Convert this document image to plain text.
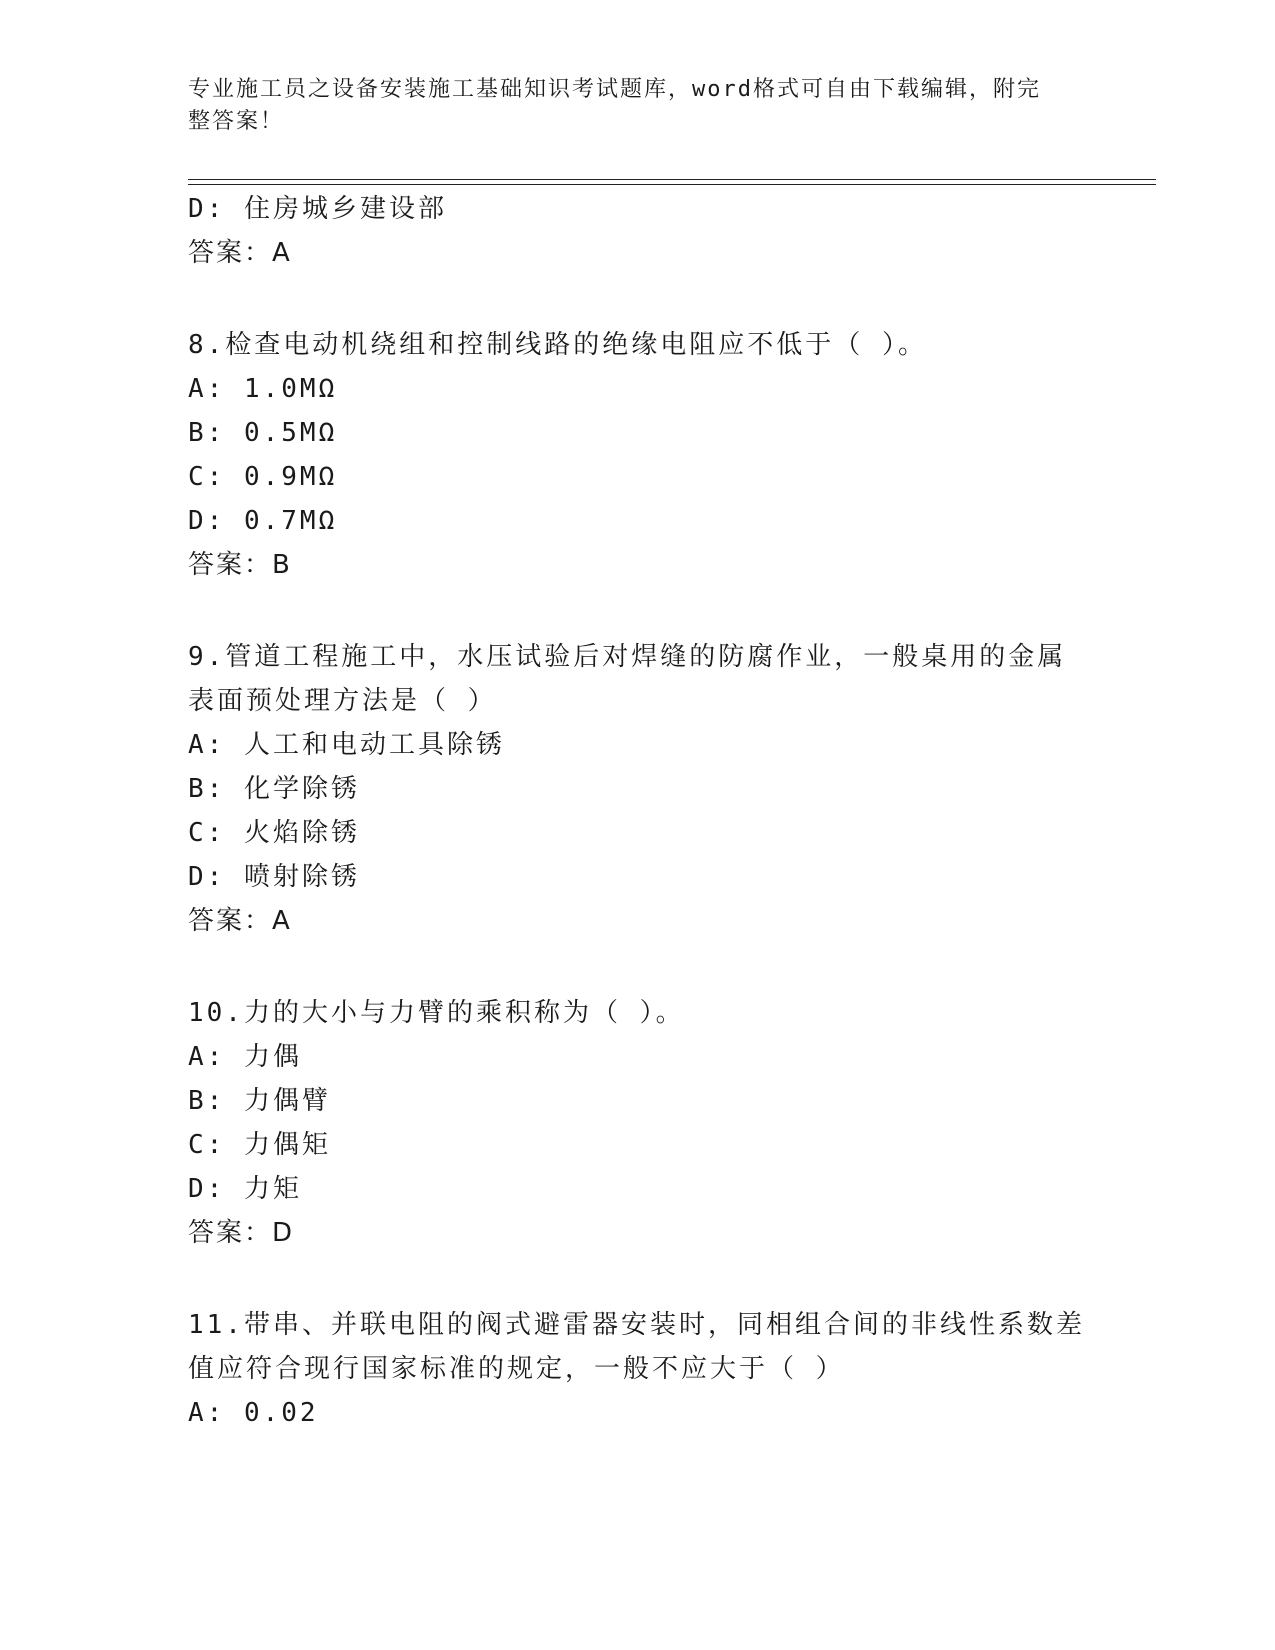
专业施工员之设备安装施工基础知识考试题库，word格式可自由下载编辑，附完
整答案！
D: 住房城乡建设部
答案：A
8.检查电动机绕组和控制线路的绝缘电阻应不低于（ ）。
A: 1.0MΩ
B: 0.5MΩ
C: 0.9MΩ
D: 0.7MΩ
答案：B
9.管道工程施工中，水压试验后对焊缝的防腐作业，一般桌用的金属
表面预处理方法是（ ）
A: 人工和电动工具除锈
B: 化学除锈
C: 火焰除锈
D: 喷射除锈
答案：A
10.力的大小与力臂的乘积称为（ ）。
A: 力偶
B: 力偶臂
C: 力偶矩
D: 力矩
答案：D
11.带串、并联电阻的阀式避雷器安装时，同相组合间的非线性系数差
值应符合现行国家标准的规定，一般不应大于（ ）
A: 0.02
